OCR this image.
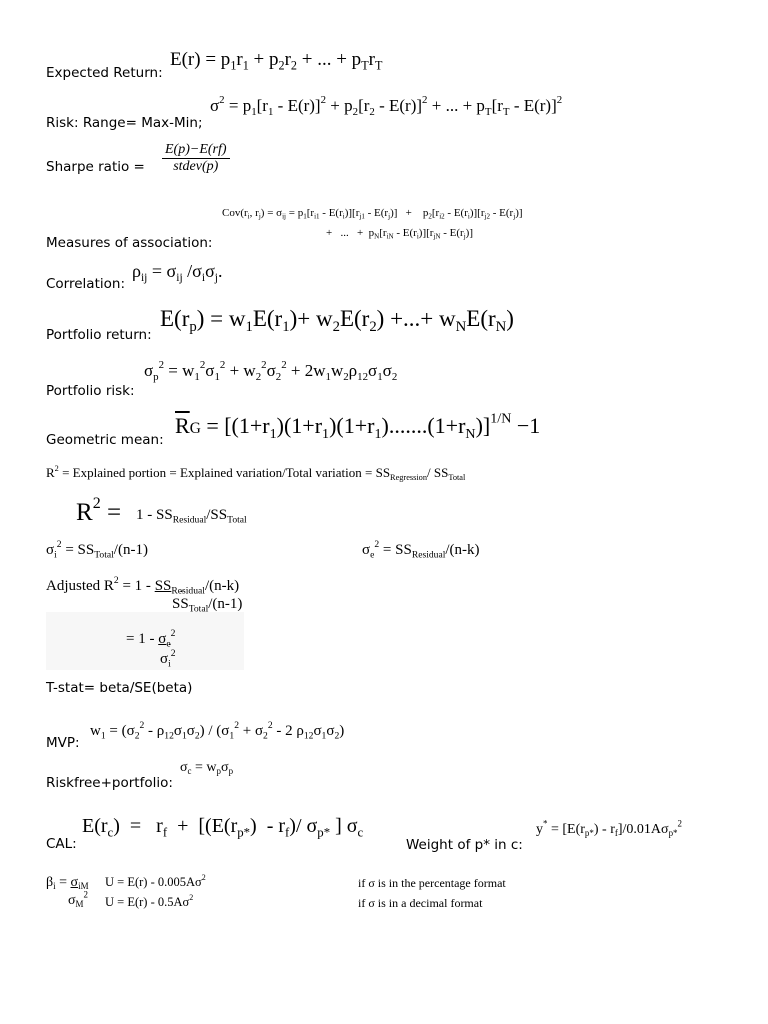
Expected Return:
$E(r) = p_1r_1 + p_2r_2$ + ... + $p_Tr_T$
Risk: Range= Max-Min;
$\sigma^2 = p_1[r_1 - E(r)]^2 + p_2[r_2 - E(r)]^2$ + ... + $p_T[r_T - E(r)]^2$
Sharpe ratio = $\frac{E(p)-E(rf)}{\text{stdev(p)}}$
$Cov(r_i$, $r_j) = \sigma_{ij} = p_1[r_{i1} - E(r_i)][r_{j1} - E(r_j)]$   +    $p_2[r_{i2} - E(r_i)][r_{j2} - E(r_j)]$
+   ...   +  $p_N[r_{iN} - E(r_i)][r_{jN} - E(r_j)]$
Measures of association:
Correlation:
$\rho_{ij} = \sigma_{ij}$ $/\sigma_i\sigma_j$.
Portfolio return:
$E(r_p) = w_1E(r_1)+ w_2E(r_2)$ +...+ $w_NE(r_N)$
Portfolio risk:
$\sigma_p^2 = w_1^2\sigma_1^2 + w_2^2\sigma_2^2 + 2w_1w_2\rho_{12}\sigma_1\sigma_2$
Geometric mean:
$\overline{R}G = [(1+r_1)(1+r_1)(1+r_1).......(1+r_N)]^{1/N} -1$
$R^2$ = Explained portion = Explained variation/Total variation = $SS_{Regression}/$ $SS_{Total}$
$R^2 = 1 - SS_{Residual}/SS_{Total}$
$\sigma_i^2 = SS_{Total}/(n-1)$	$\sigma_e^2 = SS_{Residual}/(n-k)$
Adjusted $R^2 = 1 - SS_{Residual}/(n-k)$
$SS_{Total}/(n-1)$
= $1 - \sigma_e^2$
$\sigma_i^2$
T-stat= beta/SE(beta)
MVP:
$w_1 = (\sigma_2^2 - \rho_{12}\sigma_1\sigma_2) / (\sigma_1^2 + \sigma_2^2 - 2$ $\rho_{12}\sigma_1\sigma_2$)
Riskfree+portfolio:
$\sigma_c = w_p\sigma_p$
CAL:
$E(r_c) = r_f + [(E(r_{p*}) - r_f)/$ $\sigma_{p*}$ ] $\sigma_c$
Weight of p* in c:
$y^* = [E(r_{p*}) - r_f]/0.01A\sigma_{p*}^2$
$\beta_i = \sigma_{iM}$
$\sigma_M^2$
$U = E(r) - 0.005A\sigma^2$
$U = E(r) - 0.5A\sigma^2$
if σ is in the percentage format
if σ is in a decimal format
